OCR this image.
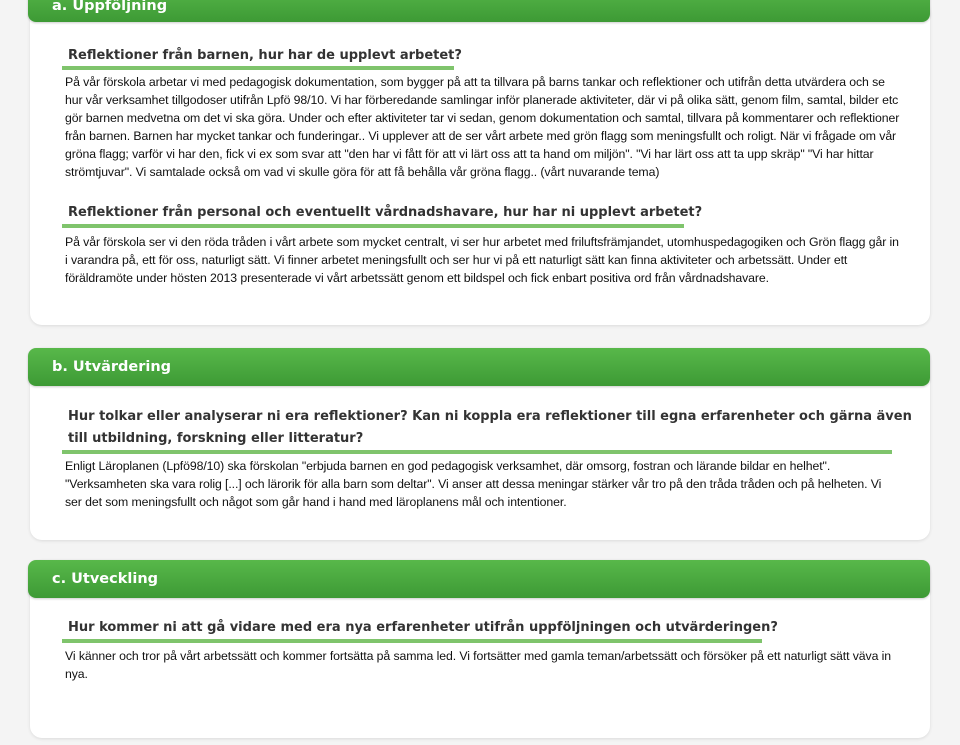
a. Uppföljning
Reflektioner från barnen, hur har de upplevt arbetet?
På vår förskola arbetar vi med pedagogisk dokumentation, som bygger på att ta tillvara på barns tankar och reflektioner och utifrån detta utvärdera och se hur vår verksamhet tillgodoser utifrån Lpfö 98/10. Vi har förberedande samlingar inför planerade aktiviteter, där vi på olika sätt, genom film, samtal, bilder etc gör barnen medvetna om det vi ska göra. Under och efter aktiviteter tar vi sedan, genom dokumentation och samtal, tillvara på kommentarer och reflektioner från barnen. Barnen har mycket tankar och funderingar.. Vi upplever att de ser vårt arbete med grön flagg som meningsfullt och roligt. När vi frågade om vår gröna flagg; varför vi har den, fick vi ex som svar att "den har vi fått för att vi lärt oss att ta hand om miljön". "Vi har lärt oss att ta upp skräp" "Vi har hittar strömtjuvar". Vi samtalade också om vad vi skulle göra för att få behålla vår gröna flagg.. (vårt nuvarande tema)
Reflektioner från personal och eventuellt vårdnadshavare, hur har ni upplevt arbetet?
På vår förskola ser vi den röda tråden i vårt arbete som mycket centralt, vi ser hur arbetet med friluftsfrämjandet, utomhuspedagogiken och Grön flagg går in i varandra på, ett för oss, naturligt sätt. Vi finner arbetet meningsfullt och ser hur vi på ett naturligt sätt kan finna aktiviteter och arbetssätt. Under ett föräldramöte under hösten 2013 presenterade vi vårt arbetssätt genom ett bildspel och fick enbart positiva ord från vårdnadshavare.
b. Utvärdering
Hur tolkar eller analyserar ni era reflektioner? Kan ni koppla era reflektioner till egna erfarenheter och gärna även
till utbildning, forskning eller litteratur?
Enligt Läroplanen (Lpfö98/10) ska förskolan "erbjuda barnen en god pedagogisk verksamhet, där omsorg, fostran och lärande bildar en helhet". "Verksamheten ska vara rolig [...] och lärorik för alla barn som deltar". Vi anser att dessa meningar stärker vår tro på den tråda tråden och på helheten. Vi ser det som meningsfullt och något som går hand i hand med läroplanens mål och intentioner.
c. Utveckling
Hur kommer ni att gå vidare med era nya erfarenheter utifrån uppföljningen och utvärderingen?
Vi känner och tror på vårt arbetssätt och kommer fortsätta på samma led. Vi fortsätter med gamla teman/arbetssätt och försöker på ett naturligt sätt väva in nya.
